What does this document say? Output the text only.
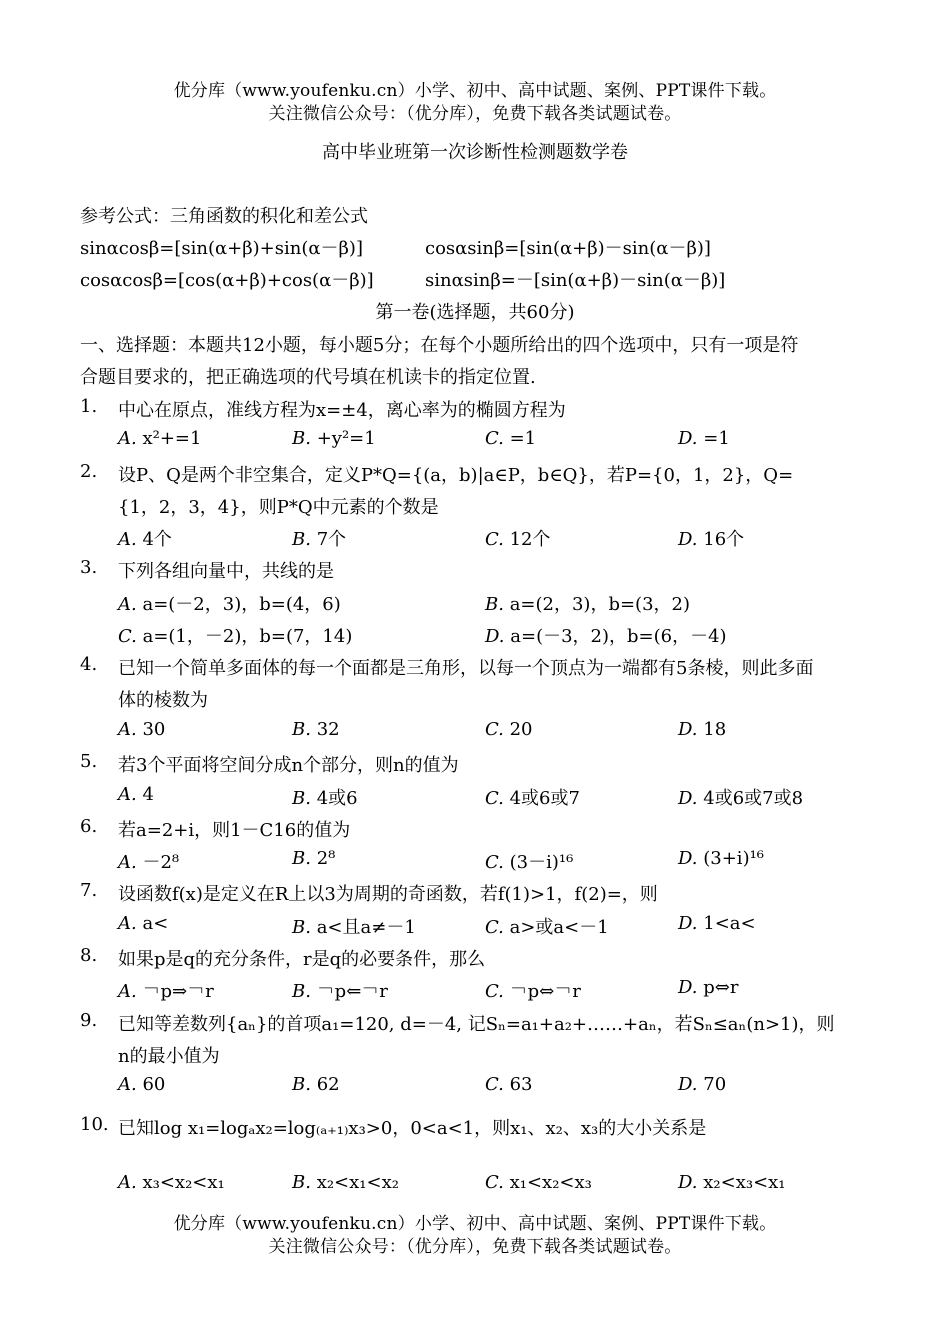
优分库（www.youfenku.cn）小学、初中、高中试题、案例、PPT课件下载。
关注微信公众号：（优分库），免费下载各类试题试卷。
高中毕业班第一次诊断性检测题数学卷
参考公式：三角函数的积化和差公式
sinαcosβ=[sin(α+β)+sin(α－β)]	cosαsinβ=[sin(α+β)－sin(α－β)]
cosαcosβ=[cos(α+β)+cos(α－β)]	sinαsinβ=－[sin(α+β)－sin(α－β)]
第一卷(选择题，共60分)
一、选择题：本题共12小题，每小题5分；在每个小题所给出的四个选项中，只有一项是符
合题目要求的，把正确选项的代号填在机读卡的指定位置.
1. 中心在原点，准线方程为x=±4，离心率为的椭圆方程为
A. x²+=1	B. +y²=1	C. =1	D. =1
2. 设P、Q是两个非空集合，定义P*Q={(a，b)|a∈P，b∈Q}，若P={0，1，2}，Q=
{1，2，3，4}，则P*Q中元素的个数是
A. 4个	B. 7个	C. 12个	D. 16个
3. 下列各组向量中，共线的是
A. a=(－2，3)，b=(4，6)	B. a=(2，3)，b=(3，2)
C. a=(1，－2)，b=(7，14)	D. a=(－3，2)，b=(6，－4)
4. 已知一个简单多面体的每一个面都是三角形，以每一个顶点为一端都有5条棱，则此多面
体的棱数为
A. 30	B. 32	C. 20	D. 18
5. 若3个平面将空间分成n个部分，则n的值为
A. 4	B. 4或6	C. 4或6或7	D. 4或6或7或8
6. 若a=2+i，则1－C16的值为
A. －2⁸	B. 2⁸	C. (3－i)¹⁶	D. (3+i)¹⁶
7. 设函数f(x)是定义在R上以3为周期的奇函数，若f(1)>1，f(2)=，则
A. a<	B. a<且a≠－1	C. a>或a<－1	D. 1<a<
8. 如果p是q的充分条件，r是q的必要条件，那么
A. ￢p⇒￢r	B. ￢p⇐￢r	C. ￢p⇔￢r	D. p⇔r
9. 已知等差数列{aₙ}的首项a₁=120, d=－4, 记Sₙ=a₁+a₂+……+aₙ，若Sₙ≤aₙ(n>1)，则
n的最小值为
A. 60	B. 62	C. 63	D. 70
10. 已知log x₁=logₐx₂=log₍ₐ₊₁₎x₃>0，0<a<1，则x₁、x₂、x₃的大小关系是
A. x₃<x₂<x₁	B. x₂<x₁<x₂	C. x₁<x₂<x₃	D. x₂<x₃<x₁
优分库（www.youfenku.cn）小学、初中、高中试题、案例、PPT课件下载。
关注微信公众号：（优分库），免费下载各类试题试卷。
